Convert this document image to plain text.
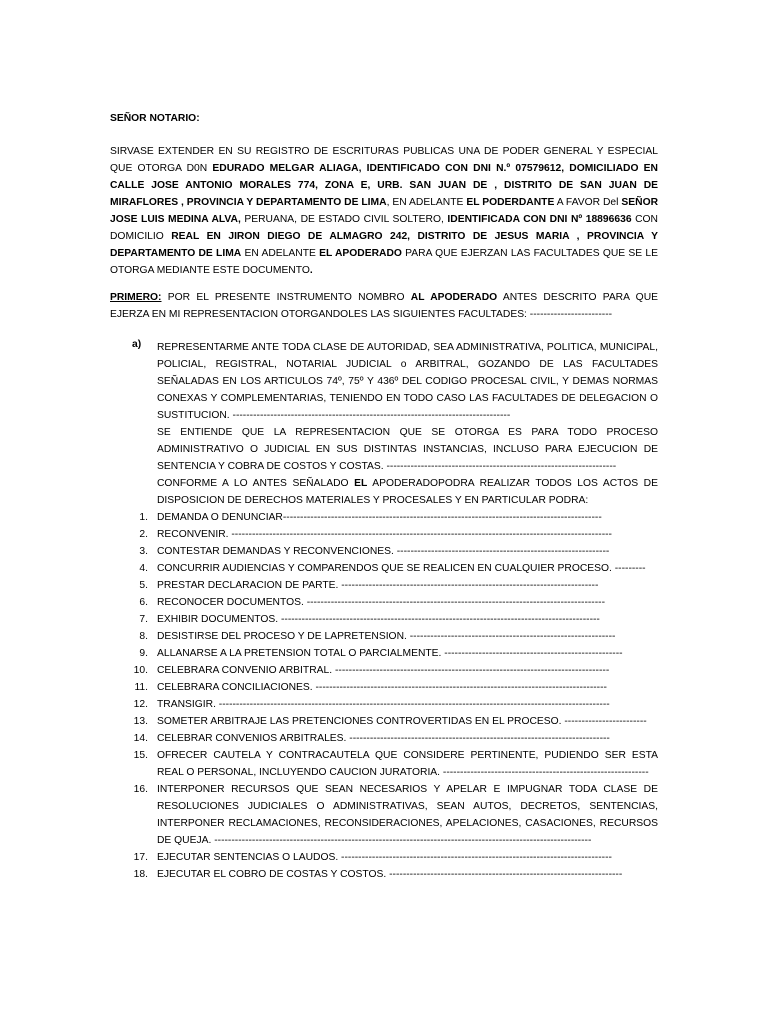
SEÑOR NOTARIO:

SIRVASE EXTENDER EN SU REGISTRO DE ESCRITURAS PUBLICAS UNA DE PODER GENERAL Y ESPECIAL QUE OTORGA D0N EDURADO MELGAR ALIAGA, IDENTIFICADO CON DNI N.º 07579612, DOMICILIADO EN CALLE JOSE ANTONIO MORALES 774, ZONA E, URB. SAN JUAN DE , DISTRITO DE SAN JUAN DE MIRAFLORES , PROVINCIA Y DEPARTAMENTO DE LIMA, EN ADELANTE EL PODERDANTE A FAVOR Del SEÑOR JOSE LUIS MEDINA ALVA, PERUANA, DE ESTADO CIVIL SOLTERO, IDENTIFICADA CON DNI Nº 18896636 CON DOMICILIO REAL EN JIRON DIEGO DE ALMAGRO 242, DISTRITO DE JESUS MARIA , PROVINCIA Y DEPARTAMENTO DE LIMA EN ADELANTE EL APODERADO PARA QUE EJERZAN LAS FACULTADES QUE SE LE OTORGA MEDIANTE ESTE DOCUMENTO.

PRIMERO: POR EL PRESENTE INSTRUMENTO NOMBRO AL APODERADO ANTES DESCRITO PARA QUE EJERZA EN MI REPRESENTACION OTORGANDOLES LAS SIGUIENTES FACULTADES: ------------------------

a) REPRESENTARME ANTE TODA CLASE DE AUTORIDAD, SEA ADMINISTRATIVA, POLITICA, MUNICIPAL, POLICIAL, REGISTRAL, NOTARIAL JUDICIAL o ARBITRAL, GOZANDO DE LAS FACULTADES SEÑALADAS EN LOS ARTICULOS 74º, 75º Y 436º DEL CODIGO PROCESAL CIVIL, Y DEMAS NORMAS CONEXAS Y COMPLEMENTARIAS, TENIENDO EN TODO CASO LAS FACULTADES DE DELEGACION O SUSTITUCION. ---------------------------------------------------------------------------------

SE ENTIENDE QUE LA REPRESENTACION QUE SE OTORGA ES PARA TODO PROCESO ADMINISTRATIVO O JUDICIAL EN SUS DISTINTAS INSTANCIAS, INCLUSO PARA EJECUCION DE SENTENCIA Y COBRA DE COSTOS Y COSTAS. -------------------------------------------------------------------

CONFORME A LO ANTES SEÑALADO EL APODERADOPODRA REALIZAR TODOS LOS ACTOS DE DISPOSICION DE DERECHOS MATERIALES Y PROCESALES Y EN PARTICULAR PODRA:

1. DEMANDA O DENUNCIAR---------------------------------------------------------------------------------------------
2. RECONVENIR. ---------------------------------------------------------------------------------------------------------------
3. CONTESTAR DEMANDAS Y RECONVENCIONES. --------------------------------------------------------------
4. CONCURRIR AUDIENCIAS Y COMPARENDOS QUE SE REALICEN EN CUALQUIER PROCESO. ---------
5. PRESTAR DECLARACION DE PARTE. ---------------------------------------------------------------------------
6. RECONOCER DOCUMENTOS. ---------------------------------------------------------------------------------------
7. EXHIBIR DOCUMENTOS. ---------------------------------------------------------------------------------------------
8. DESISTIRSE DEL PROCESO Y DE LAPRETENSION. ------------------------------------------------------------
9. ALLANARSE A LA PRETENSION TOTAL O PARCIALMENTE. ----------------------------------------------------
10. CELEBRARA CONVENIO ARBITRAL. --------------------------------------------------------------------------------
11. CELEBRARA CONCILIACIONES. -------------------------------------------------------------------------------------
12. TRANSIGIR. ------------------------------------------------------------------------------------------------------------------
13. SOMETER ARBITRAJE LAS PRETENCIONES CONTROVERTIDAS EN EL PROCESO. ------------------------
14. CELEBRAR CONVENIOS ARBITRALES. ----------------------------------------------------------------------------
15. OFRECER CAUTELA Y CONTRACAUTELA QUE CONSIDERE PERTINENTE, PUDIENDO SER ESTA REAL O PERSONAL, INCLUYENDO CAUCION JURATORIA. ------------------------------------------------------------
16. INTERPONER RECURSOS QUE SEAN NECESARIOS Y APELAR E IMPUGNAR TODA CLASE DE RESOLUCIONES JUDICIALES O ADMINISTRATIVAS, SEAN AUTOS, DECRETOS, SENTENCIAS, INTERPONER RECLAMACIONES, RECONSIDERACIONES, APELACIONES, CASACIONES, RECURSOS DE QUEJA. --------------------------------------------------------------------------------------------------------------
17. EJECUTAR SENTENCIAS O LAUDOS. -------------------------------------------------------------------------------
18. EJECUTAR EL COBRO DE COSTAS Y COSTOS. --------------------------------------------------------------------
